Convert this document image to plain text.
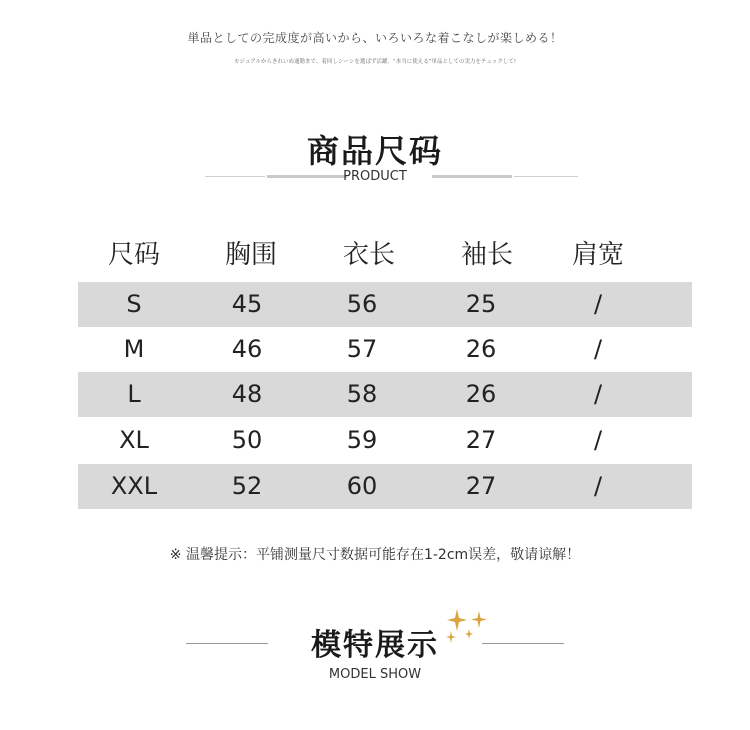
単品としての完成度が高いから、いろいろな着こなしが楽しめる！
カジュアルからきれいめ通勤まで、着回しシーンを選ばず活躍。“本当に使える”単品としての実力をチェックして!
商品尺码
PRODUCT
尺码	胸围	衣长	袖长	肩宽
S	45	56	25	/
M	46	57	26	/
L	48	58	26	/
XL	50	59	27	/
XXL	52	60	27	/
※ 温馨提示：平铺测量尺寸数据可能存在1-2cm误差，敬请谅解！
模特展示
MODEL SHOW
